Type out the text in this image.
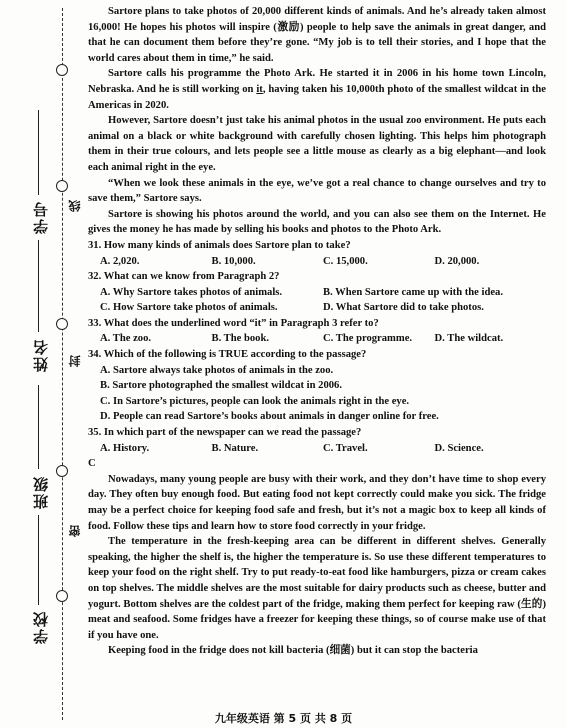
学号
姓名
班级
学校
线
封
密

Sartore plans to take photos of 20,000 different kinds of animals. And he’s already taken almost 16,000! He hopes his photos will inspire (激励) people to help save the animals in great danger, and that he can document them before they’re gone. “My job is to tell their stories, and I hope that the world cares about them in time,” he said.

Sartore calls his programme the Photo Ark. He started it in 2006 in his home town Lincoln, Nebraska. And he is still working on it, having taken his 10,000th photo of the smallest wildcat in the Americas in 2020.

However, Sartore doesn’t just take his animal photos in the usual zoo environment. He puts each animal on a black or white background with carefully chosen lighting. This helps him photograph them in their true colours, and lets people see a little mouse as clearly as a big elephant—and look each animal right in the eye.

“When we look these animals in the eye, we’ve got a real chance to change ourselves and try to save them,” Sartore says.

Sartore is showing his photos around the world, and you can also see them on the Internet. He gives the money he has made by selling his books and photos to the Photo Ark.

31. How many kinds of animals does Sartore plan to take?

A. 2,020.	B. 10,000.	C. 15,000.	D. 20,000.

32. What can we know from Paragraph 2?

A. Why Sartore takes photos of animals.	B. When Sartore came up with the idea.
C. How Sartore take photos of animals.	D. What Sartore did to take photos.

33. What does the underlined word “it” in Paragraph 3 refer to?

A. The zoo.	B. The book.	C. The programme.	D. The wildcat.

34. Which of the following is TRUE according to the passage?

A. Sartore always take photos of animals in the zoo.
B. Sartore photographed the smallest wildcat in 2006.
C. In Sartore’s pictures, people can look the animals right in the eye.
D. People can read Sartore’s books about animals in danger online for free.

35. In which part of the newspaper can we read the passage?

A. History.	B. Nature.	C. Travel.	D. Science.

C

Nowadays, many young people are busy with their work, and they don’t have time to shop every day. They often buy enough food. But eating food not kept correctly could make you sick. The fridge may be a perfect choice for keeping food safe and fresh, but it’s not a magic box to keep all kinds of food. Follow these tips and learn how to store food correctly in your fridge.

The temperature in the fresh-keeping area can be different in different shelves. Generally speaking, the higher the shelf is, the higher the temperature is. So use these different temperatures to keep your food on the right shelf. Try to put ready-to-eat food like hamburgers, pizza or cream cakes on top shelves. The middle shelves are the most suitable for dairy products such as cheese, butter and yogurt. Bottom shelves are the coldest part of the fridge, making them perfect for keeping raw (生的) meat and seafood. Some fridges have a freezer for keeping these things, so of course make use of that if you have one.

Keeping food in the fridge does not kill bacteria (细菌) but it can stop the bacteria

九年级英语 第 5 页 共 8 页
